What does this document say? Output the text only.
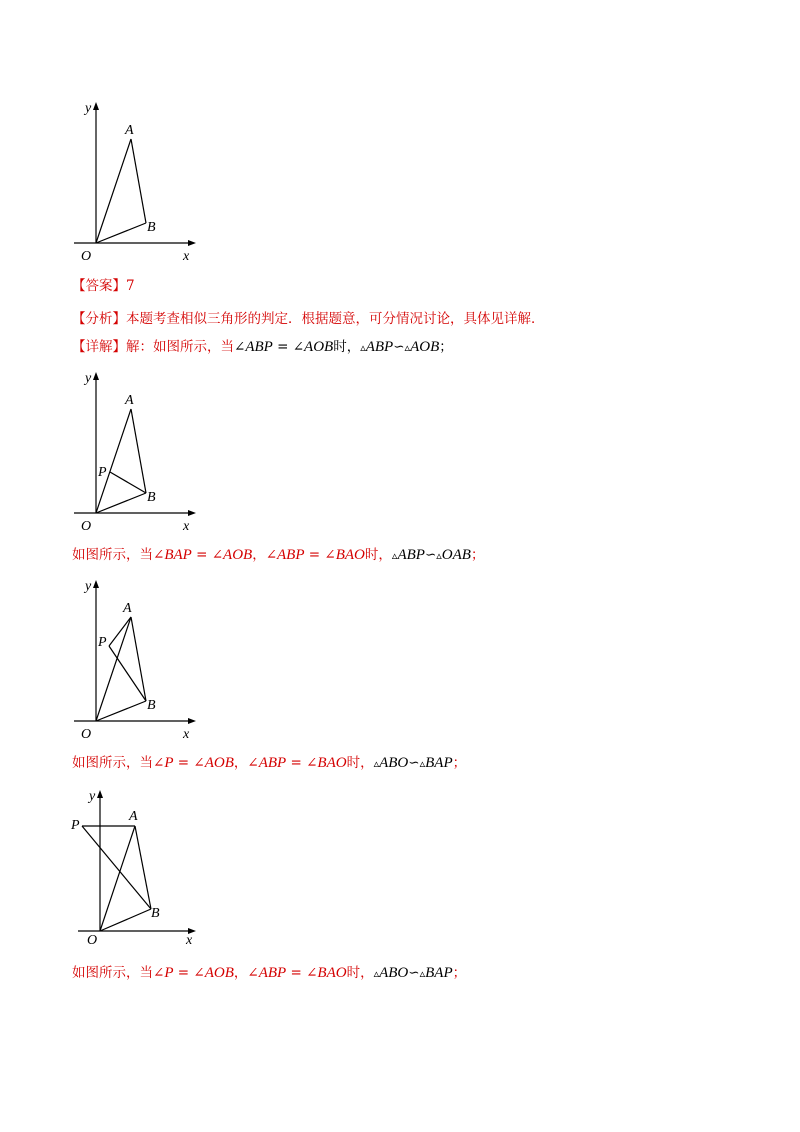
y
x
O
A
B
【答案】7
【分析】本题考查相似三角形的判定．根据题意，可分情况讨论，具体见详解．
【详解】解：如图所示，当∠ABP = ∠AOB时，▵ABP∽▵AOB；
y
x
O
A
B
P
如图所示，当∠BAP = ∠AOB，∠ABP = ∠BAO时，▵ABP∽▵OAB；
y
x
O
A
B
P
如图所示，当∠P = ∠AOB，∠ABP = ∠BAO时，▵ABO∽▵BAP；
y
x
O
A
B
P
如图所示，当∠P = ∠AOB，∠ABP = ∠BAO时，▵ABO∽▵BAP；
